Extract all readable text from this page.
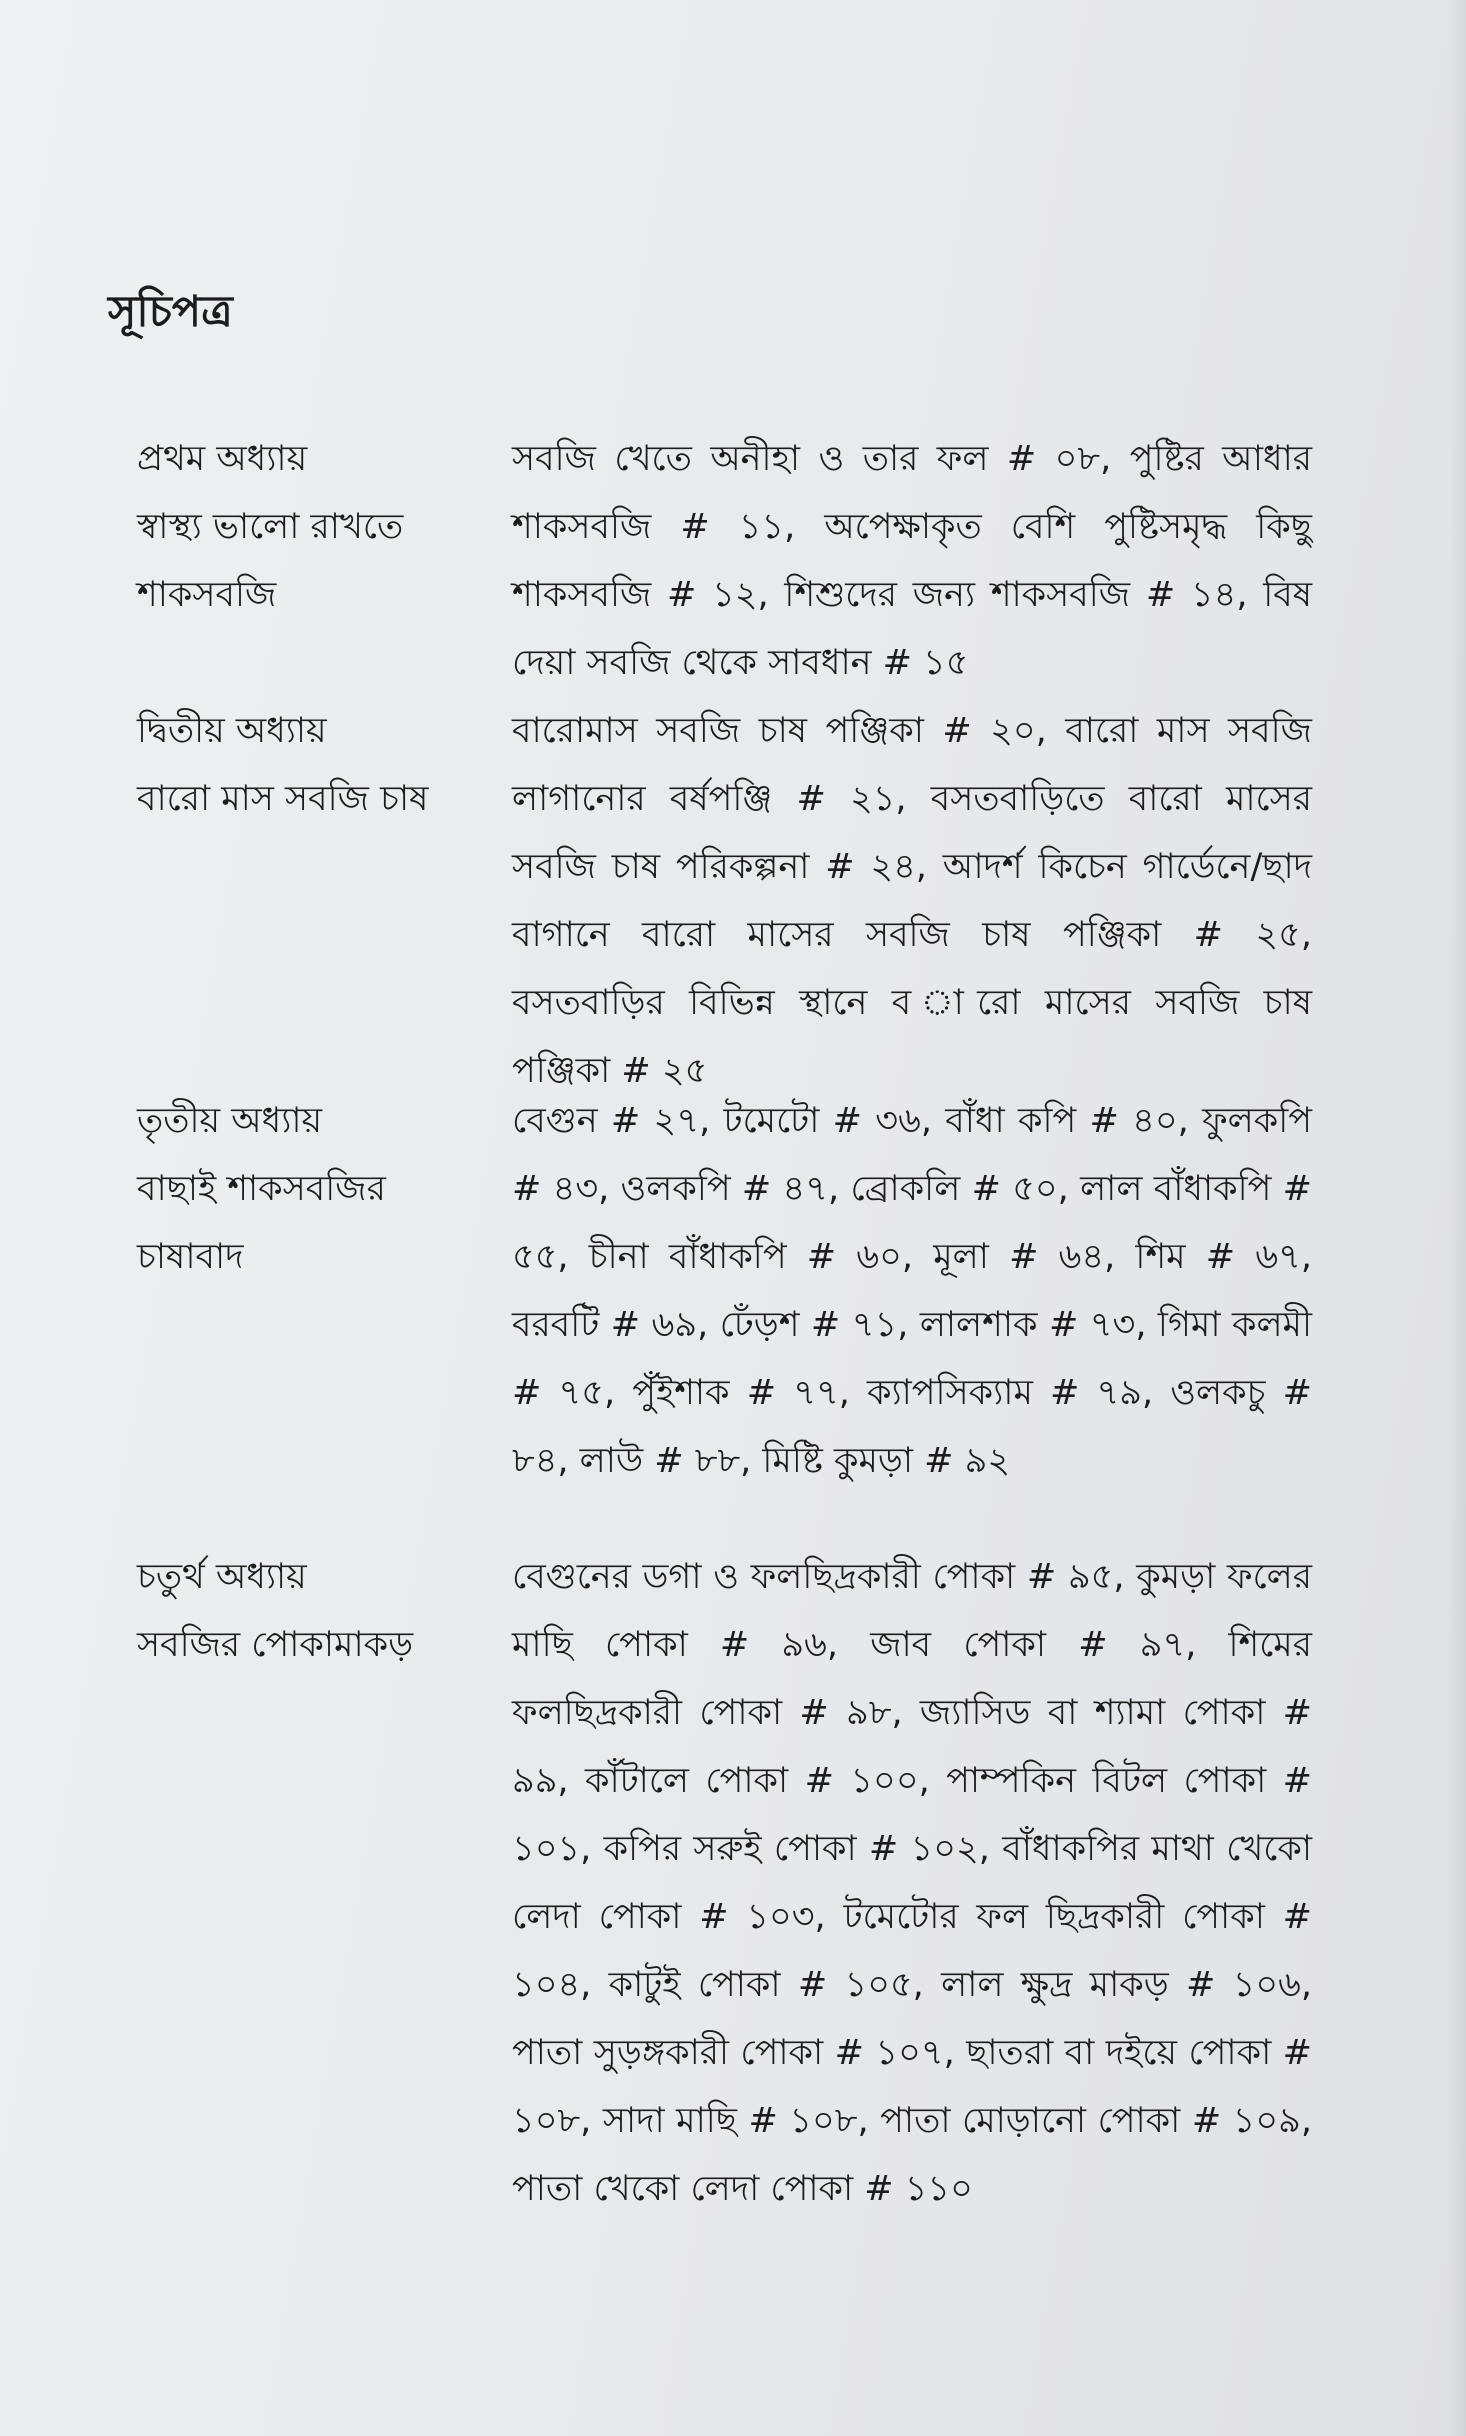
সূচিপত্র

প্রথম অধ্যায়

স্বাস্থ্য ভালো রাখতে

শাকসবজি

সবজি খেতে অনীহা ও তার ফল # ০৮, পুষ্টির আধার শাকসবজি # ১১, অপেক্ষাকৃত বেশি পুষ্টিসমৃদ্ধ কিছু শাকসবজি # ১২, শিশুদের জন্য শাকসবজি # ১৪, বিষ দেয়া সবজি থেকে সাবধান # ১৫

দ্বিতীয় অধ্যায়

বারো মাস সবজি চাষ

বারোমাস সবজি চাষ পঞ্জিকা # ২০, বারো মাস সবজি লাগানোর বর্ষপঞ্জি # ২১, বসতবাড়িতে বারো মাসের সবজি চাষ পরিকল্পনা # ২৪, আদর্শ কিচেন গার্ডেনে/ছাদ বাগানে বারো মাসের সবজি চাষ পঞ্জিকা # ২৫, বসতবাড়ির বিভিন্ন স্থানে ব ারো মাসের সবজি চাষ পঞ্জিকা # ২৫

তৃতীয় অধ্যায়

বাছাই শাকসবজির

চাষাবাদ

বেগুন # ২৭, টমেটো # ৩৬, বাঁধা কপি # ৪০, ফুলকপি # ৪৩, ওলকপি # ৪৭, ব্রোকলি # ৫০, লাল বাঁধাকপি # ৫৫, চীনা বাঁধাকপি # ৬০, মূলা # ৬৪, শিম # ৬৭, বরবটি # ৬৯, ঢেঁড়শ # ৭১, লালশাক # ৭৩, গিমা কলমী # ৭৫, পুঁইশাক # ৭৭, ক্যাপসিক্যাম # ৭৯, ওলকচু # ৮৪, লাউ # ৮৮, মিষ্টি কুমড়া # ৯২

চতুর্থ অধ্যায়

সবজির পোকামাকড়

বেগুনের ডগা ও ফলছিদ্রকারী পোকা # ৯৫, কুমড়া ফলের মাছি পোকা # ৯৬, জাব পোকা # ৯৭, শিমের ফলছিদ্রকারী পোকা # ৯৮, জ্যাসিড বা শ্যামা পোকা # ৯৯, কাঁটালে পোকা # ১০০, পাম্পকিন বিটল পোকা # ১০১, কপির সরুই পোকা # ১০২, বাঁধাকপির মাথা খেকো লেদা পোকা # ১০৩, টমেটোর ফল ছিদ্রকারী পোকা # ১০৪, কাটুই পোকা # ১০৫, লাল ক্ষুদ্র মাকড় # ১০৬, পাতা সুড়ঙ্গকারী পোকা # ১০৭, ছাতরা বা দইয়ে পোকা # ১০৮, সাদা মাছি # ১০৮, পাতা মোড়ানো পোকা # ১০৯, পাতা খেকো লেদা পোকা # ১১০
